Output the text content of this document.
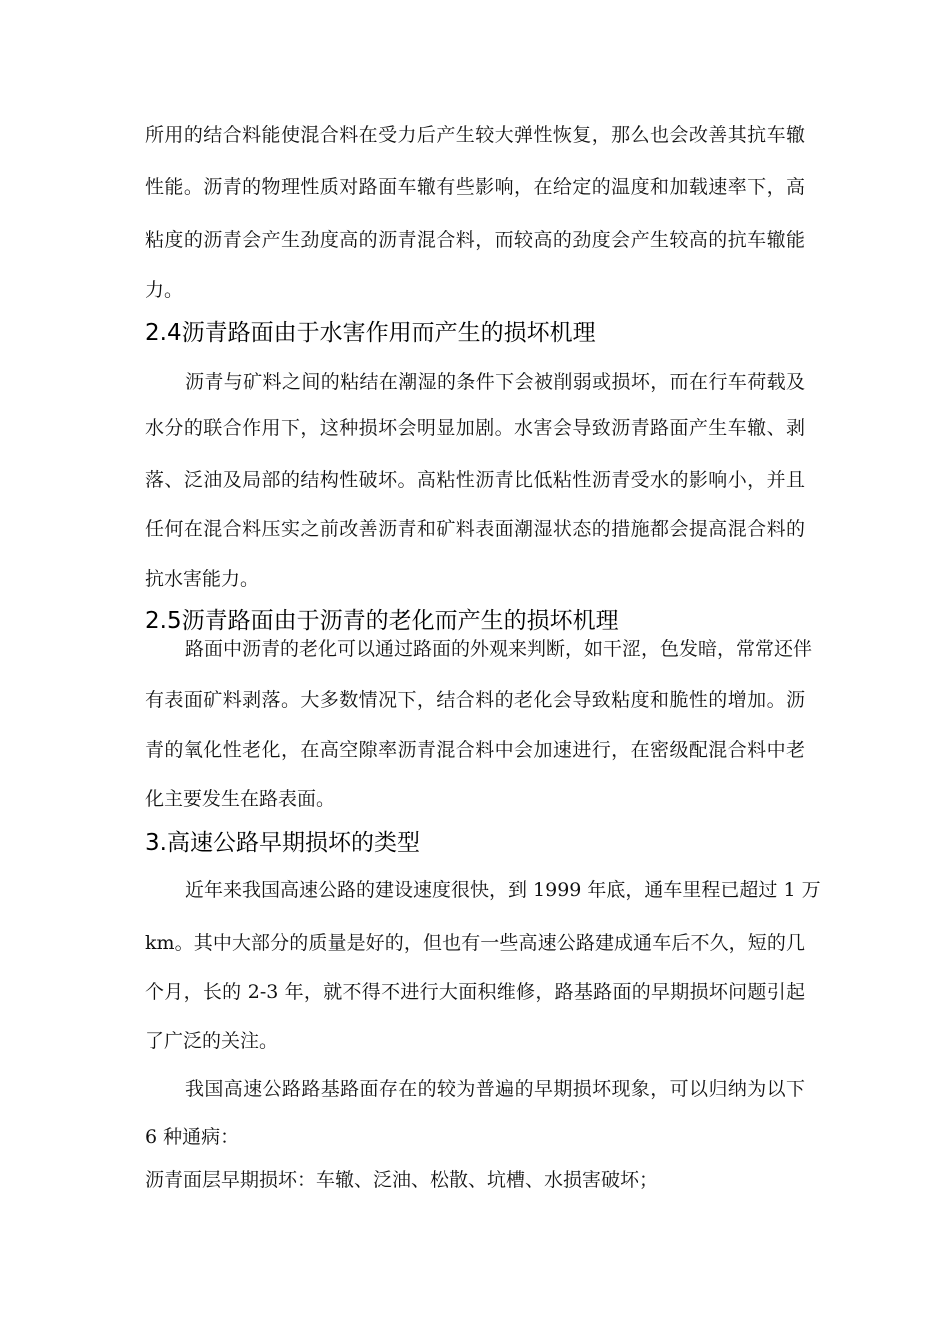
所用的结合料能使混合料在受力后产生较大弹性恢复，那么也会改善其抗车辙
性能。沥青的物理性质对路面车辙有些影响，在给定的温度和加载速率下，高
粘度的沥青会产生劲度高的沥青混合料，而较高的劲度会产生较高的抗车辙能
力。
2.4沥青路面由于水害作用而产生的损坏机理
沥青与矿料之间的粘结在潮湿的条件下会被削弱或损坏，而在行车荷载及
水分的联合作用下，这种损坏会明显加剧。水害会导致沥青路面产生车辙、剥
落、泛油及局部的结构性破坏。高粘性沥青比低粘性沥青受水的影响小，并且
任何在混合料压实之前改善沥青和矿料表面潮湿状态的措施都会提高混合料的
抗水害能力。
2.5沥青路面由于沥青的老化而产生的损坏机理
路面中沥青的老化可以通过路面的外观来判断，如干涩，色发暗，常常还伴
有表面矿料剥落。大多数情况下，结合料的老化会导致粘度和脆性的增加。沥
青的氧化性老化，在高空隙率沥青混合料中会加速进行，在密级配混合料中老
化主要发生在路表面。
3.高速公路早期损坏的类型
近年来我国高速公路的建设速度很快，到 1999 年底，通车里程已超过 1 万
km。其中大部分的质量是好的，但也有一些高速公路建成通车后不久，短的几
个月，长的 2-3 年，就不得不进行大面积维修，路基路面的早期损坏问题引起
了广泛的关注。
我国高速公路路基路面存在的较为普遍的早期损坏现象，可以归纳为以下
6 种通病：
沥青面层早期损坏：车辙、泛油、松散、坑槽、水损害破坏；
